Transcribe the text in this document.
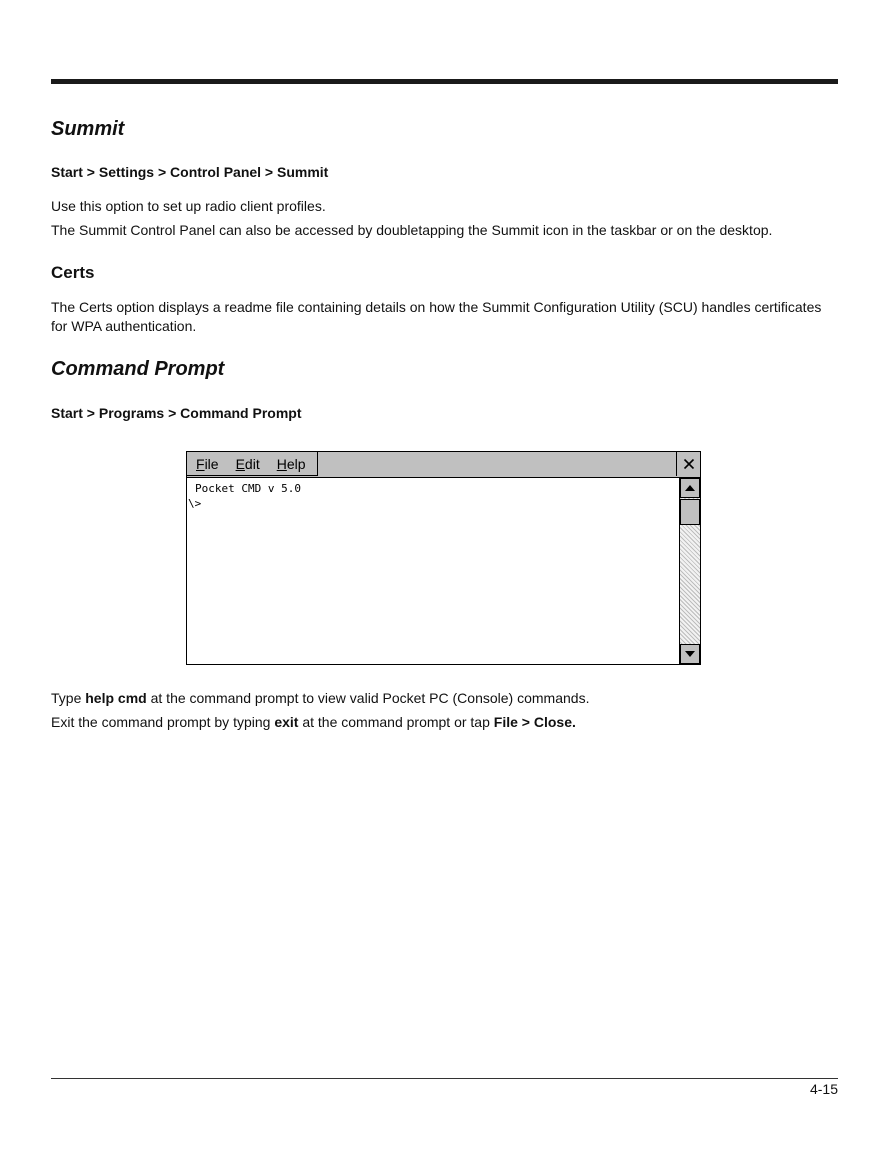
Summit

Start > Settings > Control Panel > Summit

Use this option to set up radio client profiles.

The Summit Control Panel can also be accessed by doubletapping the Summit icon in the taskbar or on the desktop.

Certs

The Certs option displays a readme file containing details on how the Summit Configuration Utility (SCU) handles certificates for WPA authentication.

Command Prompt

Start > Programs > Command Prompt

File	Edit	Help
Pocket CMD v 5.0
\>

Type help cmd at the command prompt to view valid Pocket PC (Console) commands.

Exit the command prompt by typing exit at the command prompt or tap File > Close.

4-15
